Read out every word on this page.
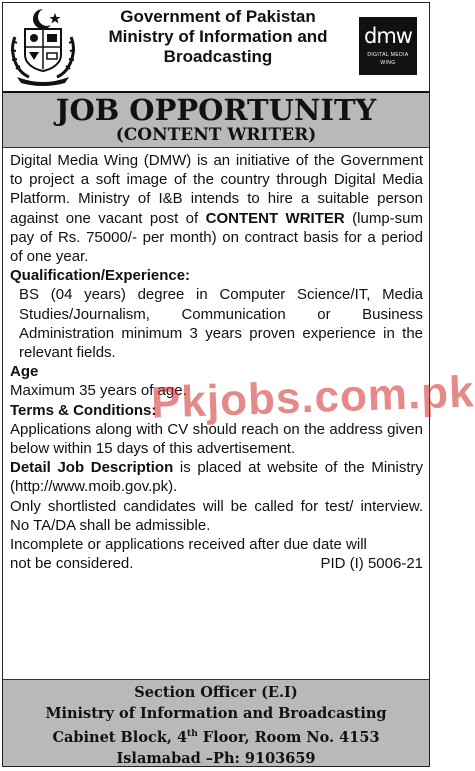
Government of Pakistan
Ministry of Information and
Broadcasting
dmw
DIGITAL MEDIA WING
JOB OPPORTUNITY
(CONTENT WRITER)
Digital Media Wing (DMW) is an initiative of the Government to project a soft image of the country through Digital Media Platform. Ministry of I&B intends to hire a suitable person against one vacant post of CONTENT WRITER (lump-sum pay of Rs. 75000/- per month) on contract basis for a period of one year.
Qualification/Experience:
BS (04 years) degree in Computer Science/IT, Media Studies/Journalism, Communication or Business Administration minimum 3 years proven experience in the relevant fields.
Age
Maximum 35 years of age.
Terms & Conditions:
Applications along with CV should reach on the address given below within 15 days of this advertisement.
Detail Job Description is placed at website of the Ministry (http://www.moib.gov.pk).
Only shortlisted candidates will be called for test/ interview. No TA/DA shall be admissible.
Incomplete or applications received after due date will
not be considered.	PID (I) 5006-21
Pkjobs.com.pk
Section Officer (E.I)
Ministry of Information and Broadcasting
Cabinet Block, 4th Floor, Room No. 4153
Islamabad –Ph: 9103659
